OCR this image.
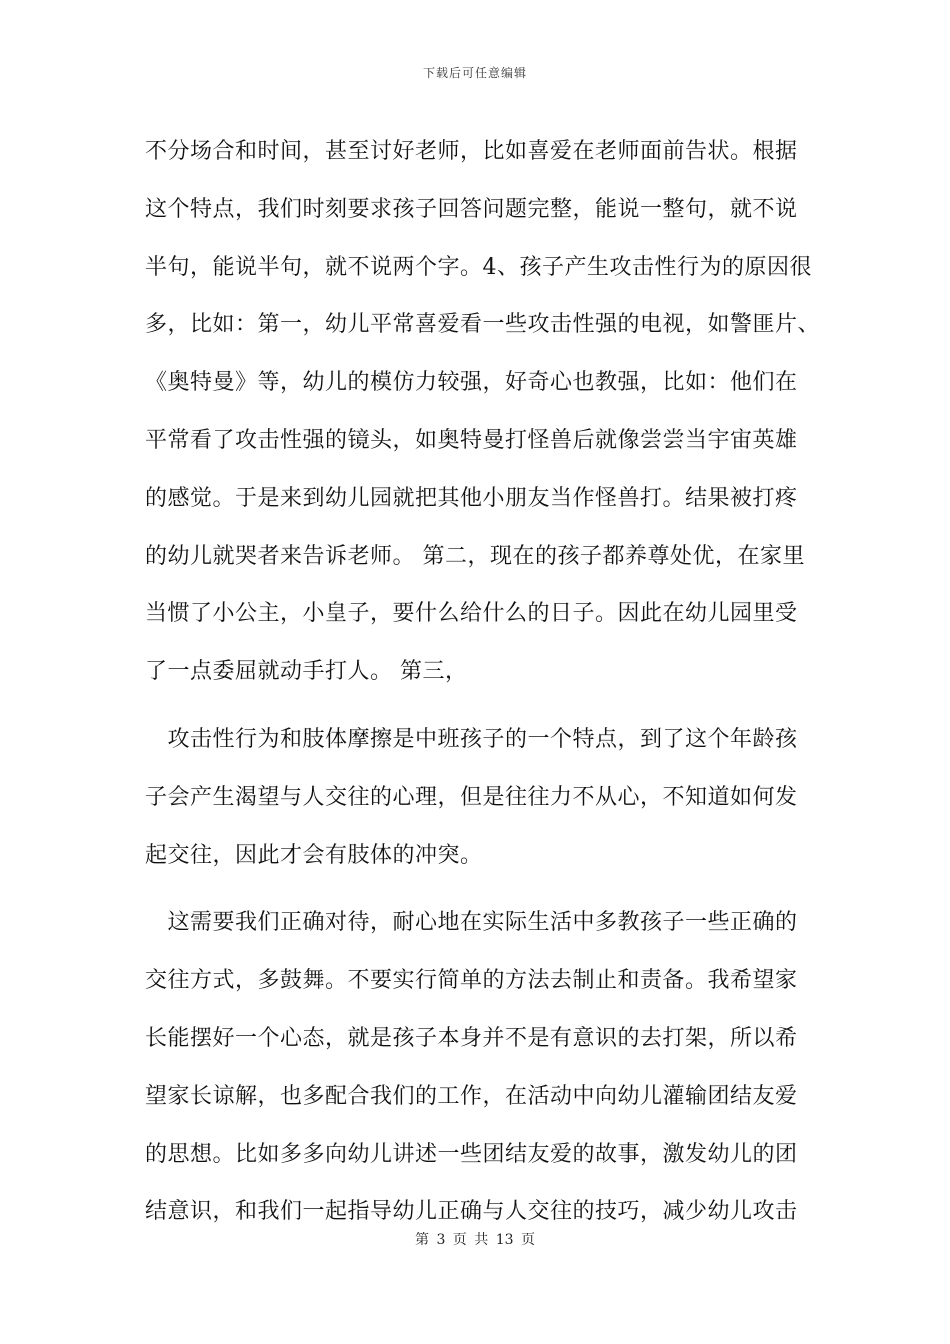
下载后可任意编辑
不分场合和时间，甚至讨好老师，比如喜爱在老师面前告状。根据
这个特点，我们时刻要求孩子回答问题完整，能说一整句，就不说
半句，能说半句，就不说两个字。4、孩子产生攻击性行为的原因很
多，比如：第一，幼儿平常喜爱看一些攻击性强的电视，如警匪片、
《奥特曼》等，幼儿的模仿力较强，好奇心也教强，比如：他们在
平常看了攻击性强的镜头，如奥特曼打怪兽后就像尝尝当宇宙英雄
的感觉。于是来到幼儿园就把其他小朋友当作怪兽打。结果被打疼
的幼儿就哭者来告诉老师。 第二，现在的孩子都养尊处优，在家里
当惯了小公主，小皇子，要什么给什么的日子。因此在幼儿园里受
了一点委屈就动手打人。 第三，
　攻击性行为和肢体摩擦是中班孩子的一个特点，到了这个年龄孩
子会产生渴望与人交往的心理，但是往往力不从心，不知道如何发
起交往，因此才会有肢体的冲突。
　这需要我们正确对待，耐心地在实际生活中多教孩子一些正确的
交往方式，多鼓舞。不要实行简单的方法去制止和责备。我希望家
长能摆好一个心态，就是孩子本身并不是有意识的去打架，所以希
望家长谅解，也多配合我们的工作，在活动中向幼儿灌输团结友爱
的思想。比如多多向幼儿讲述一些团结友爱的故事，激发幼儿的团
结意识，和我们一起指导幼儿正确与人交往的技巧，减少幼儿攻击
第 3 页 共 13 页
